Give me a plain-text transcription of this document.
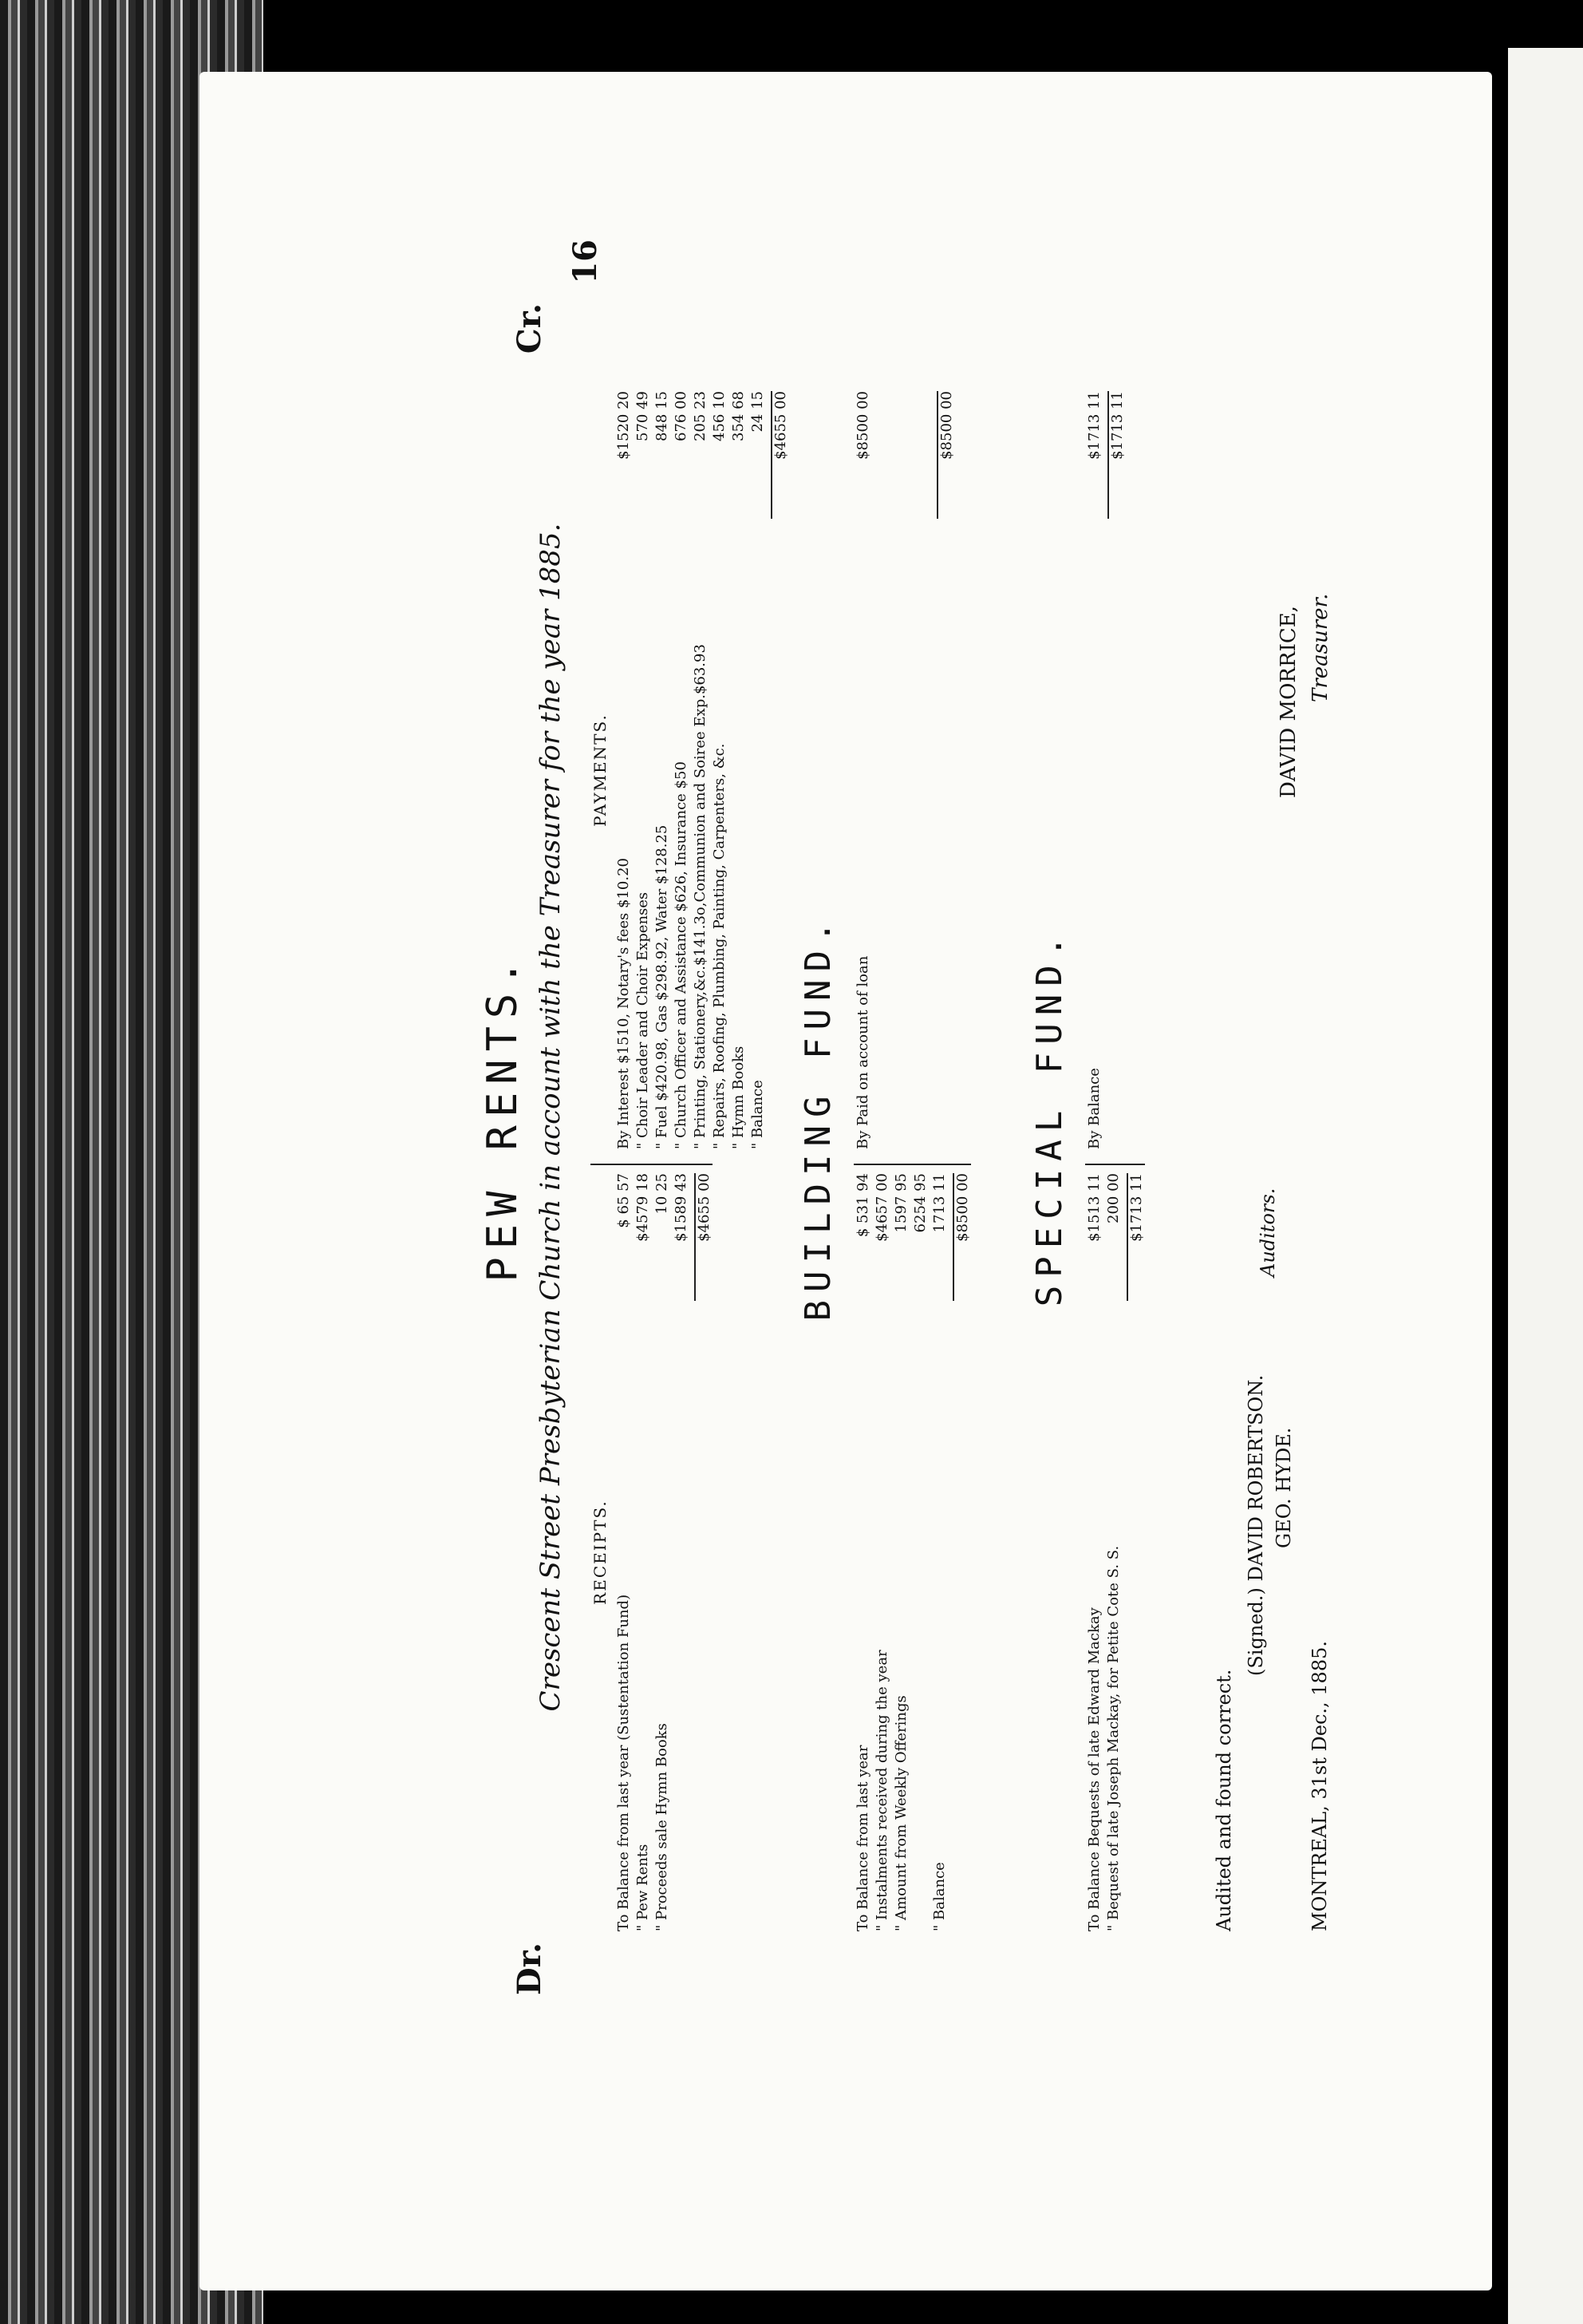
Dr.
Cr.
16
PEW RENTS. Crescent Street Presbyterian Church in account with the Treasurer for the year 1885. RECEIPTS.
To Balance from last year (Sustentation Fund)
$ 65 57
" Pew Rents
$4579 18
" Proceeds sale Hymn Books
10 25 $1589 43 $4655 00
PAYMENTS.
By Interest $1510, Notary's fees $10.20
$1520 20
" Choir Leader and Choir Expenses
570 49
" Fuel $420.98, Gas $298.92, Water $128.25
848 15
" Church Officer and Assistance $626, Insurance $50
676 00
" Printing, Stationery,&c.$141.3o,Communion and Soiree Exp.$63.93
205 23
" Repairs, Roofing, Plumbing, Painting, Carpenters, &c.
456 10
" Hymn Books
354 68
" Balance
24 15 $4655 00
BUILDING FUND.
To Balance from last year
$ 531 94
" Instalments received during the year
$4657 00
" Amount from Weekly Offerings
1597 95 6254 95
" Balance
1713 11 $8500 00
By Paid on account of loan
$8500 00	$8500 00
SPECIAL FUND.
To Balance Bequests of late Edward Mackay
$1513 11
" Bequest of late Joseph Mackay, for Petite Cote S. S.
200 00 $1713 11
By Balance
$1713 11 $1713 11
Audited and found correct.
(Signed.) DAVID ROBERTSON. GEO. HYDE.
Auditors.
MONTREAL, 31st Dec., 1885.
DAVID MORRICE, Treasurer.
